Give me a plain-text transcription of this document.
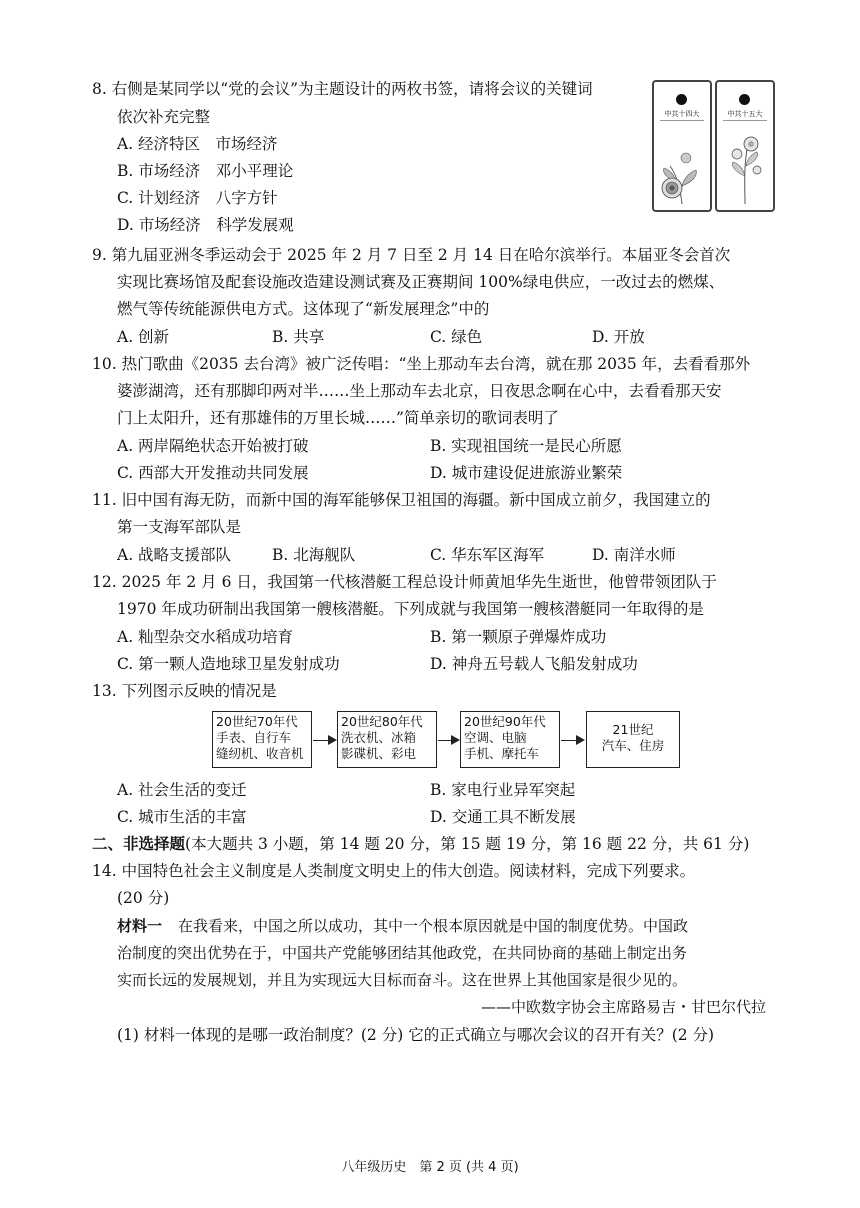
8. 右侧是某同学以“党的会议”为主题设计的两枚书签，请将会议的关键词
依次补充完整
A. 经济特区　市场经济
B. 市场经济　邓小平理论
C. 计划经济　八字方针
D. 市场经济　科学发展观
中共十四大	中共十五大
9. 第九届亚洲冬季运动会于 2025 年 2 月 7 日至 2 月 14 日在哈尔滨举行。本届亚冬会首次
实现比赛场馆及配套设施改造建设测试赛及正赛期间 100%绿电供应，一改过去的燃煤、
燃气等传统能源供电方式。这体现了“新发展理念”中的
A. 创新	B. 共享	C. 绿色	D. 开放
10. 热门歌曲《2035 去台湾》被广泛传唱：“坐上那动车去台湾，就在那 2035 年，去看看那外
婆澎湖湾，还有那脚印两对半……坐上那动车去北京，日夜思念啊在心中，去看看那天安
门上太阳升，还有那雄伟的万里长城……”简单亲切的歌词表明了
A. 两岸隔绝状态开始被打破	B. 实现祖国统一是民心所愿
C. 西部大开发推动共同发展	D. 城市建设促进旅游业繁荣
11. 旧中国有海无防，而新中国的海军能够保卫祖国的海疆。新中国成立前夕，我国建立的
第一支海军部队是
A. 战略支援部队	B. 北海舰队	C. 华东军区海军	D. 南洋水师
12. 2025 年 2 月 6 日，我国第一代核潜艇工程总设计师黄旭华先生逝世，他曾带领团队于
1970 年成功研制出我国第一艘核潜艇。下列成就与我国第一艘核潜艇同一年取得的是
A. 籼型杂交水稻成功培育	B. 第一颗原子弹爆炸成功
C. 第一颗人造地球卫星发射成功	D. 神舟五号载人飞船发射成功
13. 下列图示反映的情况是
20世纪70年代
手表、自行车
缝纫机、收音机
20世纪80年代
洗衣机、冰箱
影碟机、彩电
20世纪90年代
空调、电脑
手机、摩托车
21世纪
汽车、住房
A. 社会生活的变迁	B. 家电行业异军突起
C. 城市生活的丰富	D. 交通工具不断发展
二、非选择题(本大题共 3 小题，第 14 题 20 分，第 15 题 19 分，第 16 题 22 分，共 61 分)
14. 中国特色社会主义制度是人类制度文明史上的伟大创造。阅读材料，完成下列要求。
(20 分)
材料一 在我看来，中国之所以成功，其中一个根本原因就是中国的制度优势。中国政
治制度的突出优势在于，中国共产党能够团结其他政党，在共同协商的基础上制定出务
实而长远的发展规划，并且为实现远大目标而奋斗。这在世界上其他国家是很少见的。
——中欧数字协会主席路易吉・甘巴尔代拉
(1) 材料一体现的是哪一政治制度？(2 分) 它的正式确立与哪次会议的召开有关？(2 分)
八年级历史　第 2 页 (共 4 页)
